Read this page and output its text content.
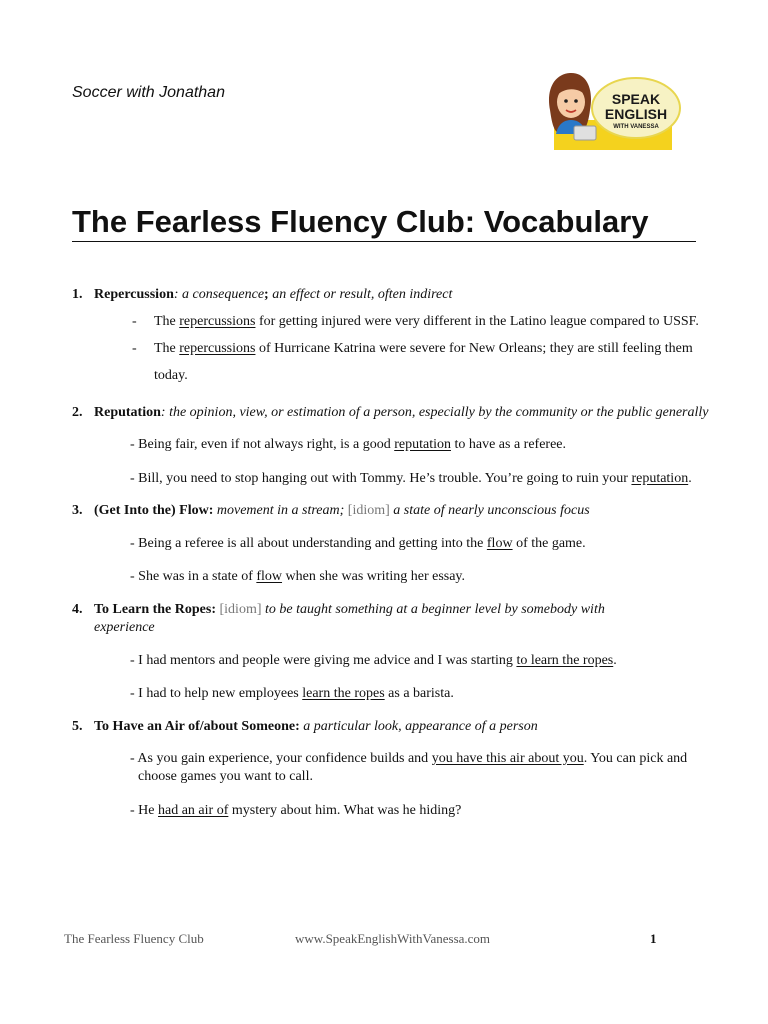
Soccer with Jonathan	SPEAK
ENGLISH
WITH VANESSA
The Fearless Fluency Club: Vocabulary
1. Repercussion: a consequence; an effect or result, often indirect
- The repercussions for getting injured were very different in the Latino league compared to USSF.
- The repercussions of Hurricane Katrina were severe for New Orleans; they are still feeling them today.
2. Reputation: the opinion, view, or estimation of a person, especially by the community or the public generally
- Being fair, even if not always right, is a good reputation to have as a referee.
- Bill, you need to stop hanging out with Tommy. He’s trouble. You’re going to ruin your reputation.
3. (Get Into the) Flow: movement in a stream; [idiom] a state of nearly unconscious focus
- Being a referee is all about understanding and getting into the flow of the game.
- She was in a state of flow when she was writing her essay.
4. To Learn the Ropes: [idiom] to be taught something at a beginner level by somebody with experience
- I had mentors and people were giving me advice and I was starting to learn the ropes.
- I had to help new employees learn the ropes as a barista.
5. To Have an Air of/about Someone: a particular look, appearance of a person
- As you gain experience, your confidence builds and you have this air about you. You can pick and choose games you want to call.
- He had an air of mystery about him. What was he hiding?
The Fearless Fluency Club	www.SpeakEnglishWithVanessa.com	1
